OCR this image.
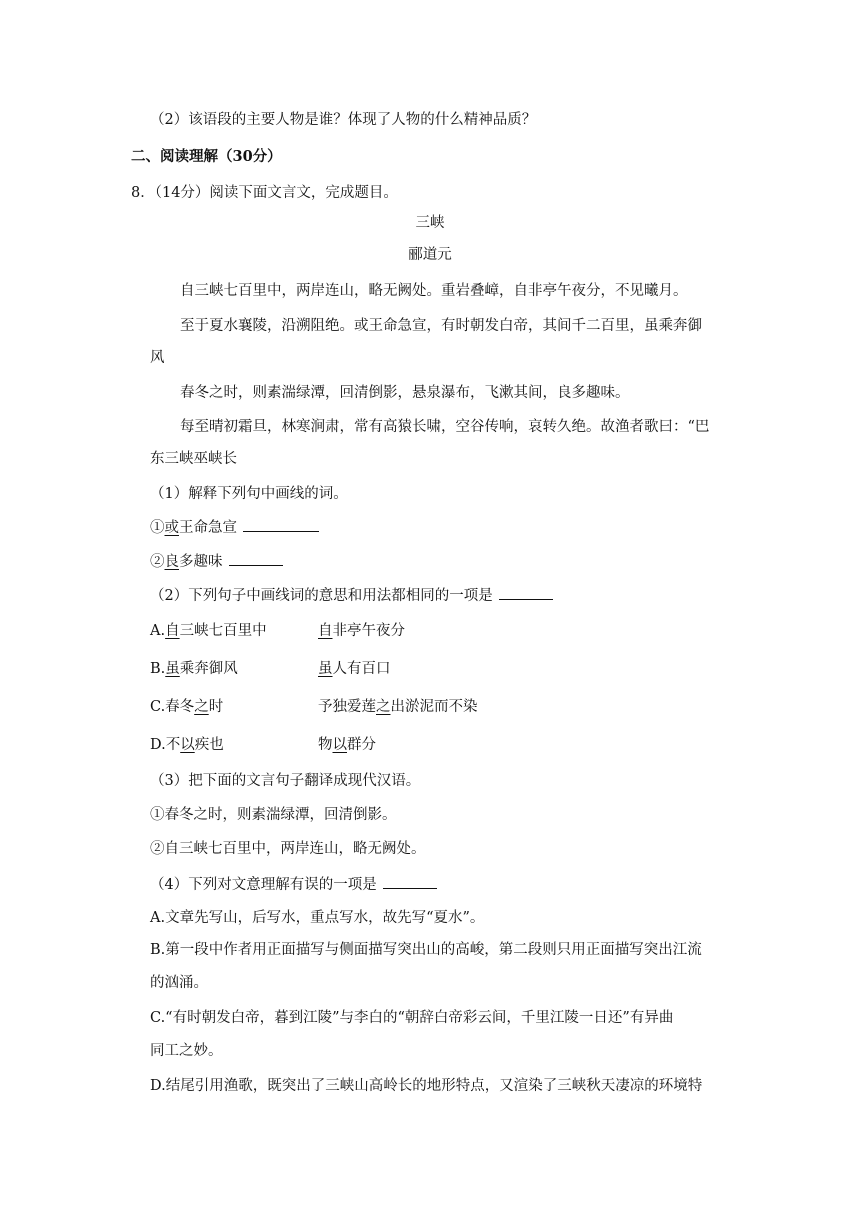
（2）该语段的主要人物是谁？体现了人物的什么精神品质？
二、阅读理解（30分）
8．（14分）阅读下面文言文，完成题目。
三峡
郦道元
自三峡七百里中，两岸连山，略无阙处。重岩叠嶂，自非亭午夜分，不见曦月。
至于夏水襄陵，沿溯阻绝。或王命急宣，有时朝发白帝，其间千二百里，虽乘奔御
风
春冬之时，则素湍绿潭，回清倒影，悬泉瀑布，飞漱其间，良多趣味。
每至晴初霜旦，林寒涧肃，常有高猿长啸，空谷传响，哀转久绝。故渔者歌曰：“巴
东三峡巫峡长
（1）解释下列句中画线的词。
①或王命急宣
②良多趣味
（2）下列句子中画线词的意思和用法都相同的一项是
A.自三峡七百里中	自非亭午夜分
B.虽乘奔御风	虽人有百口
C.春冬之时	予独爱莲之出淤泥而不染
D.不以疾也	物以群分
（3）把下面的文言句子翻译成现代汉语。
①春冬之时，则素湍绿潭，回清倒影。
②自三峡七百里中，两岸连山，略无阙处。
（4）下列对文意理解有误的一项是
A.文章先写山，后写水，重点写水，故先写“夏水”。
B.第一段中作者用正面描写与侧面描写突出山的高峻，第二段则只用正面描写突出江流
的汹涌。
C.“有时朝发白帝，暮到江陵”与李白的“朝辞白帝彩云间，千里江陵一日还”有异曲
同工之妙。
D.结尾引用渔歌，既突出了三峡山高岭长的地形特点，又渲染了三峡秋天凄凉的环境特
